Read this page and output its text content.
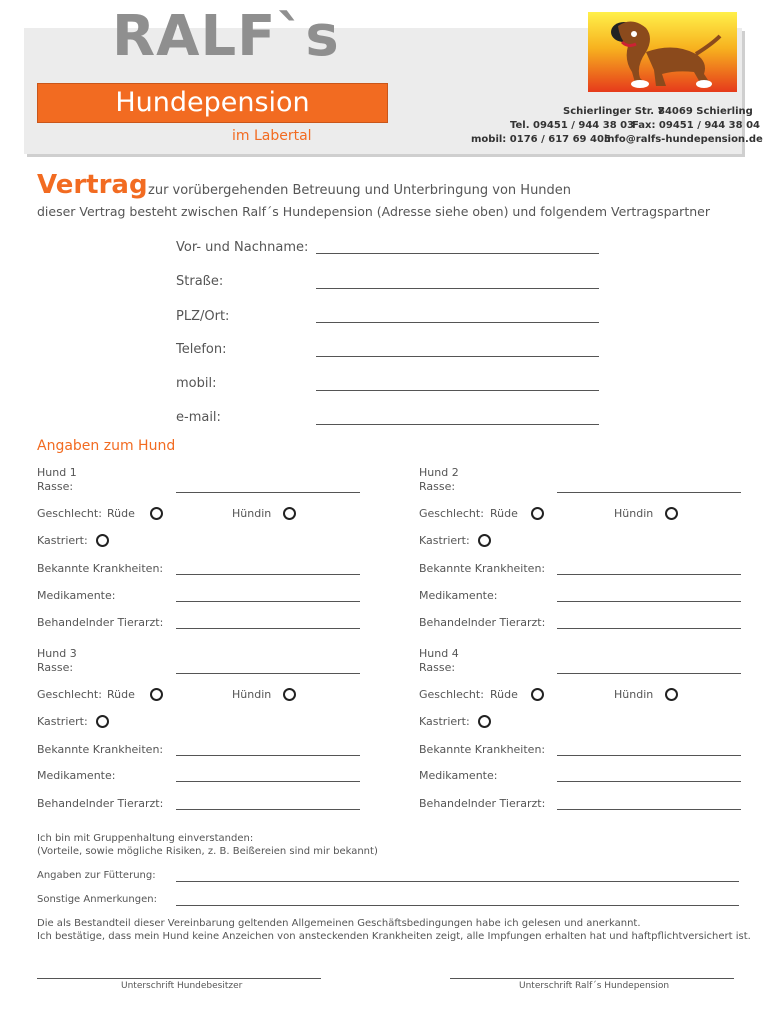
RALF`s
Hundepension
im Labertal
Schierlinger Str. 7
84069 Schierling
Tel. 09451 / 944 38 03
Fax: 09451 / 944 38 04
mobil: 0176 / 617 69 405
info@ralfs-hundepension.de
Vertrag zur vorübergehenden Betreuung und Unterbringung von Hunden
dieser Vertrag besteht zwischen Ralf´s Hundepension (Adresse siehe oben) und folgendem Vertragspartner
Vor- und Nachname:
Straße:
PLZ/Ort:
Telefon:
mobil:
e-mail:
Angaben zum Hund
Hund 1
Rasse:
Geschlecht: Rüde	Hündin
Kastriert:
Bekannte Krankheiten:
Medikamente:
Behandelnder Tierarzt:
Hund 2
Rasse:
Geschlecht: Rüde	Hündin
Kastriert:
Bekannte Krankheiten:
Medikamente:
Behandelnder Tierarzt:
Hund 3
Rasse:
Geschlecht: Rüde	Hündin
Kastriert:
Bekannte Krankheiten:
Medikamente:
Behandelnder Tierarzt:
Hund 4
Rasse:
Geschlecht: Rüde	Hündin
Kastriert:
Bekannte Krankheiten:
Medikamente:
Behandelnder Tierarzt:
Ich bin mit Gruppenhaltung einverstanden:
(Vorteile, sowie mögliche Risiken, z. B. Beißereien sind mir bekannt)
Angaben zur Fütterung:
Sonstige Anmerkungen:
Die als Bestandteil dieser Vereinbarung geltenden Allgemeinen Geschäftsbedingungen habe ich gelesen und anerkannt.
Ich bestätige, dass mein Hund keine Anzeichen von ansteckenden Krankheiten zeigt, alle Impfungen erhalten hat und haftpflichtversichert ist.
Unterschrift Hundebesitzer	Unterschrift Ralf´s Hundepension
